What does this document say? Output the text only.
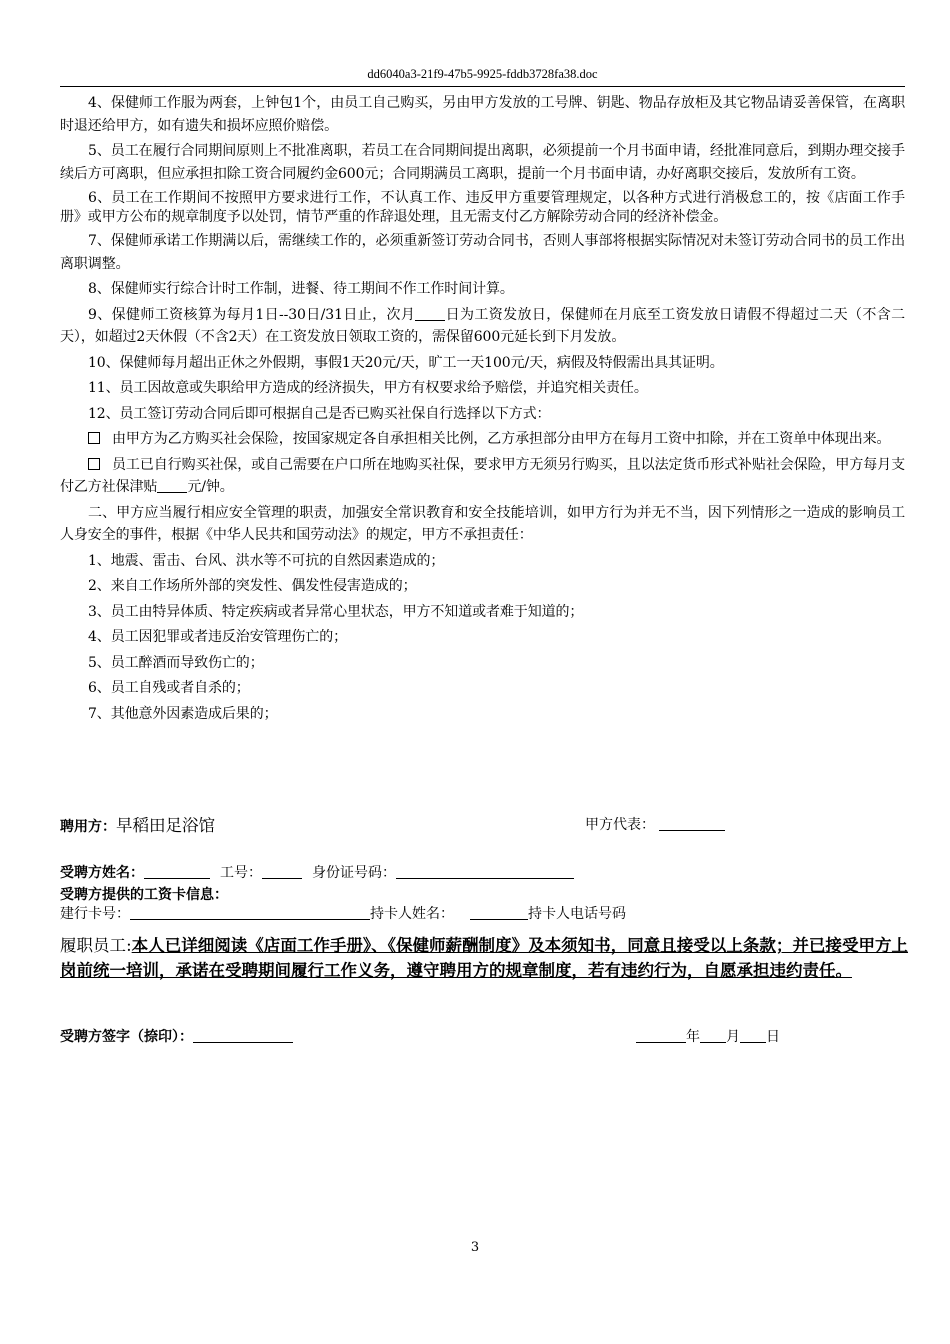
dd6040a3-21f9-47b5-9925-fddb3728fa38.doc

4、保健师工作服为两套，上钟包1个，由员工自己购买，另由甲方发放的工号牌、钥匙、物品存放柜及其它物品请妥善保管，在离职时退还给甲方，如有遗失和损坏应照价赔偿。

5、员工在履行合同期间原则上不批准离职，若员工在合同期间提出离职，必须提前一个月书面申请，经批准同意后，到期办理交接手续后方可离职，但应承担扣除工资合同履约金600元；合同期满员工离职，提前一个月书面申请，办好离职交接后，发放所有工资。

6、员工在工作期间不按照甲方要求进行工作，不认真工作、违反甲方重要管理规定，以各种方式进行消极怠工的，按《店面工作手册》或甲方公布的规章制度予以处罚，情节严重的作辞退处理，且无需支付乙方解除劳动合同的经济补偿金。

7、保健师承诺工作期满以后，需继续工作的，必须重新签订劳动合同书，否则人事部将根据实际情况对未签订劳动合同书的员工作出离职调整。

8、保健师实行综合计时工作制，进餐、待工期间不作工作时间计算。

9、保健师工资核算为每月1日--30日/31日止，次月 日为工资发放日，保健师在月底至工资发放日请假不得超过二天（不含二天），如超过2天休假（不含2天）在工资发放日领取工资的，需保留600元延长到下月发放。

10、保健师每月超出正休之外假期，事假1天20元/天，旷工一天100元/天，病假及特假需出具其证明。

11、员工因故意或失职给甲方造成的经济损失，甲方有权要求给予赔偿，并追究相关责任。

12、员工签订劳动合同后即可根据自己是否已购买社保自行选择以下方式：

由甲方为乙方购买社会保险，按国家规定各自承担相关比例，乙方承担部分由甲方在每月工资中扣除，并在工资单中体现出来。

员工已自行购买社保，或自己需要在户口所在地购买社保，要求甲方无须另行购买，且以法定货币形式补贴社会保险，甲方每月支付乙方社保津贴 元/钟。

二、甲方应当履行相应安全管理的职责，加强安全常识教育和安全技能培训，如甲方行为并无不当，因下列情形之一造成的影响员工人身安全的事件，根据《中华人民共和国劳动法》的规定，甲方不承担责任：

1、地震、雷击、台风、洪水等不可抗的自然因素造成的；

2、来自工作场所外部的突发性、偶发性侵害造成的；

3、员工由特异体质、特定疾病或者异常心里状态，甲方不知道或者难于知道的；

4、员工因犯罪或者违反治安管理伤亡的；

5、员工醉酒而导致伤亡的；

6、员工自残或者自杀的；

7、其他意外因素造成后果的；

聘用方：早稻田足浴馆	甲方代表：
受聘方姓名：	工号：	身份证号码：
受聘方提供的工资卡信息：
建行卡号：	持卡人姓名：	持卡人电话号码
履职员工:本人已详细阅读《店面工作手册》、《保健师薪酬制度》及本须知书，同意且接受以上条款；并已接受甲方上岗前统一培训，承诺在受聘期间履行工作义务，遵守聘用方的规章制度，若有违约行为，自愿承担违约责任。
受聘方签字（捺印）：	年 月 日
3
